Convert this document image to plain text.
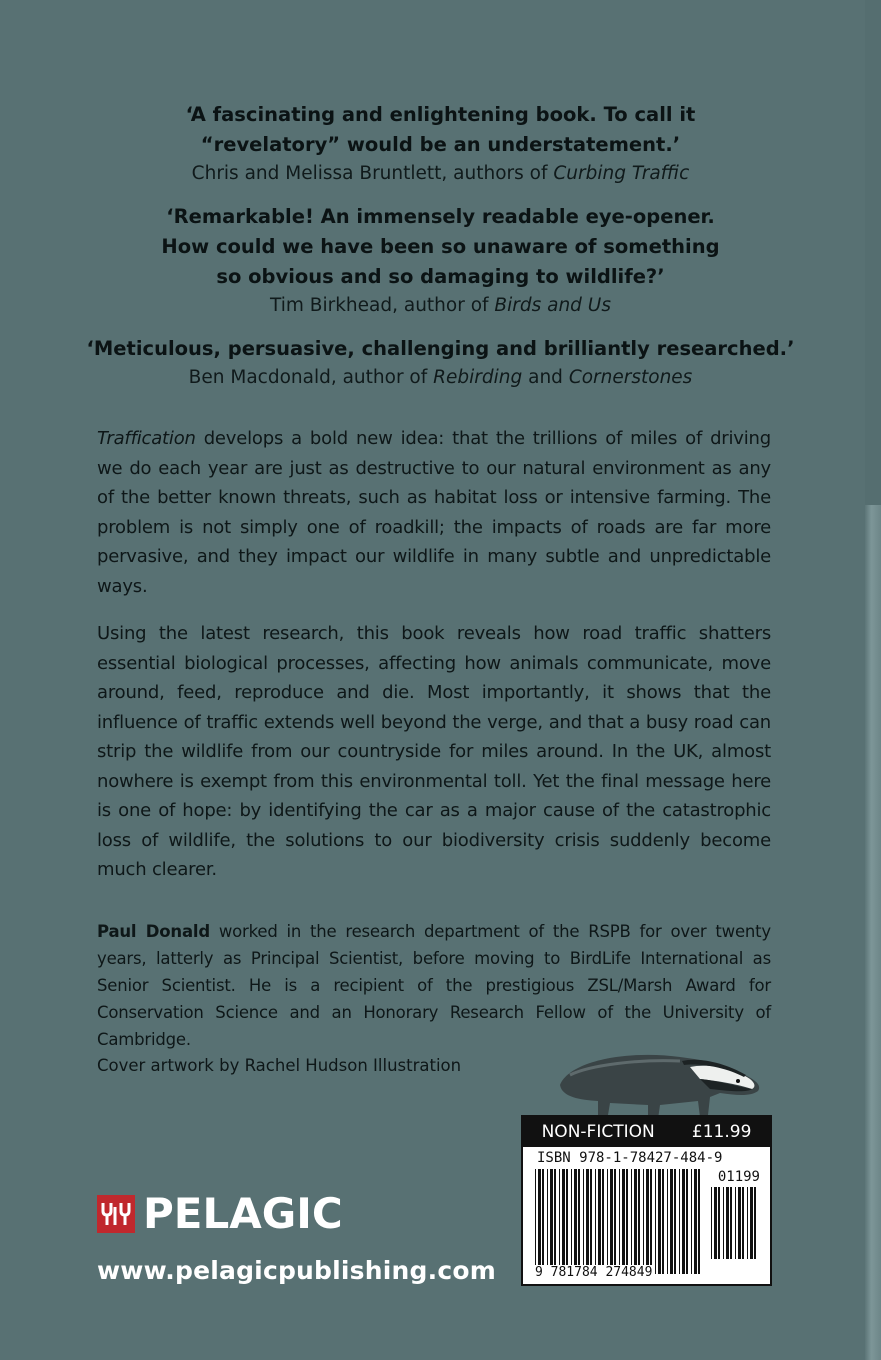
‘A fascinating and enlightening book. To call it
“revelatory” would be an understatement.’
Chris and Melissa Bruntlett, authors of Curbing Traffic
‘Remarkable! An immensely readable eye-opener.
How could we have been so unaware of something
so obvious and so damaging to wildlife?’
Tim Birkhead, author of Birds and Us
‘Meticulous, persuasive, challenging and brilliantly researched.’
Ben Macdonald, author of Rebirding and Cornerstones
Traffication develops a bold new idea: that the trillions of miles of driving we do each year are just as destructive to our natural environment as any of the better known threats, such as habitat loss or intensive farming. The problem is not simply one of roadkill; the impacts of roads are far more pervasive, and they impact our wildlife in many subtle and unpredictable ways.
Using the latest research, this book reveals how road traffic shatters essential biological processes, affecting how animals communicate, move around, feed, reproduce and die. Most importantly, it shows that the influence of traffic extends well beyond the verge, and that a busy road can strip the wildlife from our countryside for miles around. In the UK, almost nowhere is exempt from this environmental toll. Yet the final message here is one of hope: by identifying the car as a major cause of the catastrophic loss of wildlife, the solutions to our biodiversity crisis suddenly become much clearer.
Paul Donald worked in the research department of the RSPB for over twenty years, latterly as Principal Scientist, before moving to BirdLife International as Senior Scientist. He is a recipient of the prestigious ZSL/Marsh Award for Conservation Science and an Honorary Research Fellow of the University of Cambridge.
Cover artwork by Rachel Hudson Illustration
NON-FICTION £11.99
ISBN 978-1-78427-484-9
01199
9 781784 274849
PELAGIC
www.pelagicpublishing.com
